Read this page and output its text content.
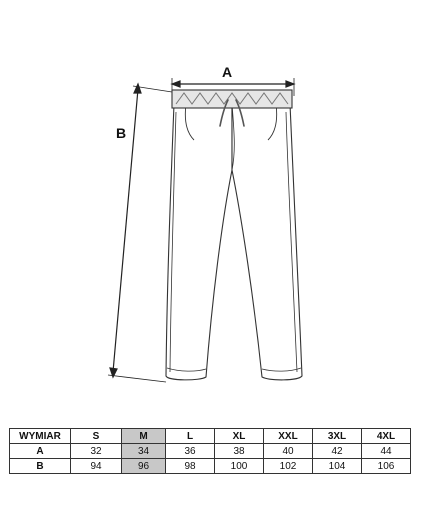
A
B
WYMIAR	S	M	L	XL	XXL	3XL	4XL
A	32	34	36	38	40	42	44
B	94	96	98	100	102	104	106
